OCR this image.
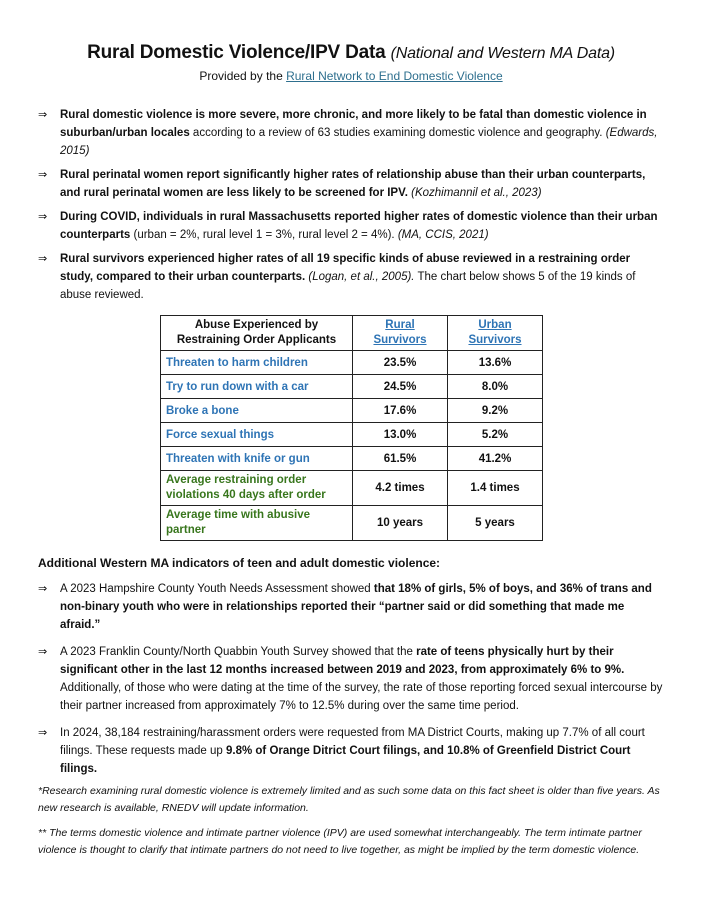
Rural Domestic Violence/IPV Data (National and Western MA Data)
Provided by the Rural Network to End Domestic Violence
⇒ Rural domestic violence is more severe, more chronic, and more likely to be fatal than domestic violence in suburban/urban locales according to a review of 63 studies examining domestic violence and geography. (Edwards, 2015)
⇒ Rural perinatal women report significantly higher rates of relationship abuse than their urban counterparts, and rural perinatal women are less likely to be screened for IPV. (Kozhimannil et al., 2023)
⇒ During COVID, individuals in rural Massachusetts reported higher rates of domestic violence than their urban counterparts (urban = 2%, rural level 1 = 3%, rural level 2 = 4%). (MA, CCIS, 2021)
⇒ Rural survivors experienced higher rates of all 19 specific kinds of abuse reviewed in a restraining order study, compared to their urban counterparts. (Logan, et al., 2005). The chart below shows 5 of the 19 kinds of abuse reviewed.
Abuse Experienced by Restraining Order Applicants	Rural Survivors	Urban Survivors
Threaten to harm children	23.5%	13.6%
Try to run down with a car	24.5%	8.0%
Broke a bone	17.6%	9.2%
Force sexual things	13.0%	5.2%
Threaten with knife or gun	61.5%	41.2%
Average restraining order violations 40 days after order	4.2 times	1.4 times
Average time with abusive partner	10 years	5 years
Additional Western MA indicators of teen and adult domestic violence:
⇒ A 2023 Hampshire County Youth Needs Assessment showed that 18% of girls, 5% of boys, and 36% of trans and non-binary youth who were in relationships reported their “partner said or did something that made me afraid.”
⇒ A 2023 Franklin County/North Quabbin Youth Survey showed that the rate of teens physically hurt by their significant other in the last 12 months increased between 2019 and 2023, from approximately 6% to 9%. Additionally, of those who were dating at the time of the survey, the rate of those reporting forced sexual intercourse by their partner increased from approximately 7% to 12.5% during over the same time period.
⇒ In 2024, 38,184 restraining/harassment orders were requested from MA District Courts, making up 7.7% of all court filings. These requests made up 9.8% of Orange Ditrict Court filings, and 10.8% of Greenfield District Court filings.
*Research examining rural domestic violence is extremely limited and as such some data on this fact sheet is older than five years. As new research is available, RNEDV will update information.
** The terms domestic violence and intimate partner violence (IPV) are used somewhat interchangeably. The term intimate partner violence is thought to clarify that intimate partners do not need to live together, as might be implied by the term domestic violence.
